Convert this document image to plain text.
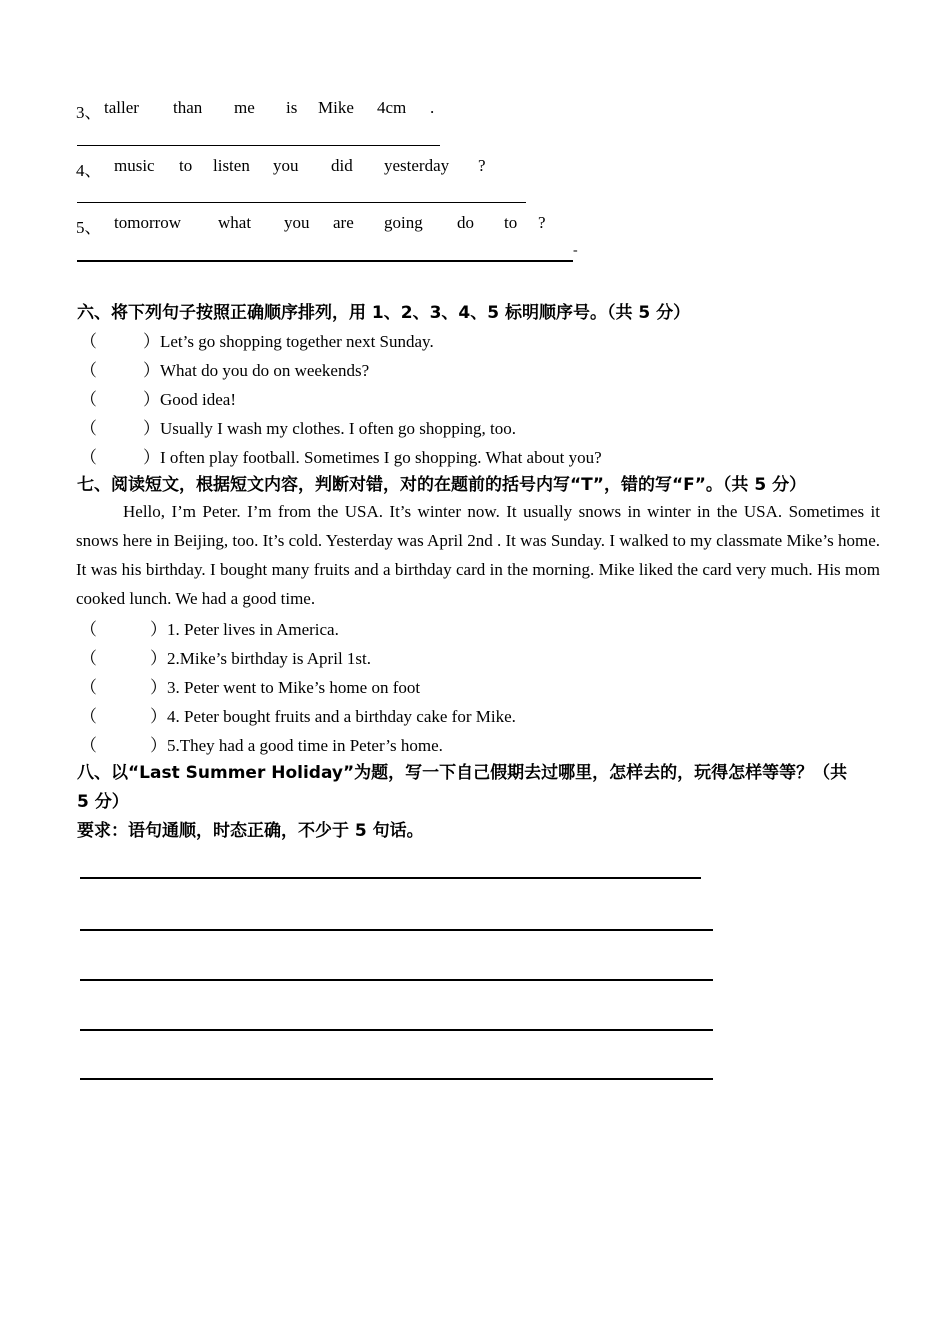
3、 taller than me is Mike 4cm .
4、 music to listen you did yesterday ?
5、 tomorrow what you are going do to ?
-
六、将下列句子按照正确顺序排列，用 1、2、3、4、5 标明顺序号。（共 5 分）
（	）Let’s go shopping together next Sunday.
（	）What do you do on weekends?
（	）Good idea!
（	）Usually I wash my clothes. I often go shopping, too.
（	）I often play football. Sometimes I go shopping. What about you?
七、阅读短文，根据短文内容，判断对错，对的在题前的括号内写“T”，错的写“F”。（共 5 分）
Hello, I’m Peter. I’m from the USA. It’s winter now. It usually snows in winter in the USA. Sometimes it snows here in Beijing, too. It’s cold. Yesterday was April 2nd . It was Sunday. I walked to my classmate Mike’s home. It was his birthday. I bought many fruits and a birthday card in the morning. Mike liked the card very much. His mom cooked lunch. We had a good time.
（	）1. Peter lives in America.
（	）2.Mike’s birthday is April 1st.
（	）3. Peter went to Mike’s home on foot
（	）4. Peter bought fruits and a birthday cake for Mike.
（	）5.They had a good time in Peter’s home.
八、以“Last Summer Holiday”为题，写一下自己假期去过哪里，怎样去的，玩得怎样等等？（共
5 分）
要求：语句通顺，时态正确，不少于 5 句话。
